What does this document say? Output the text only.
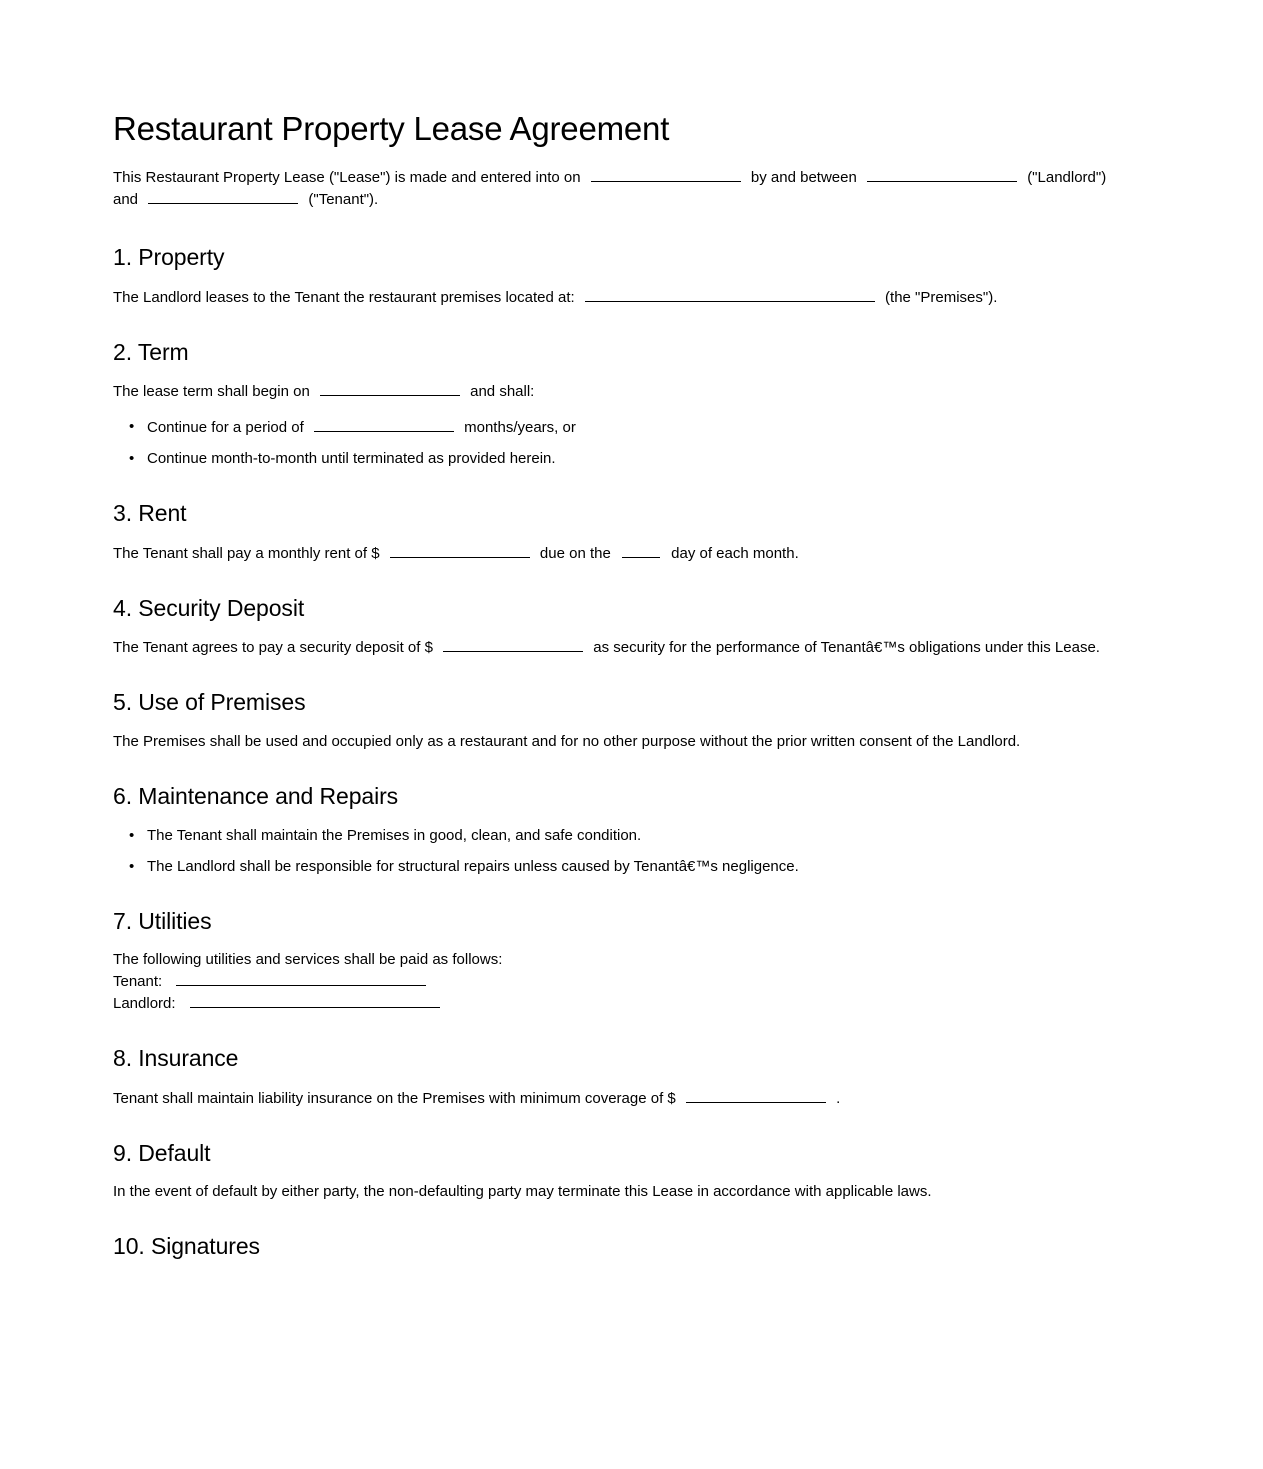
Restaurant Property Lease Agreement

This Restaurant Property Lease ("Lease") is made and entered into on	by and between	("Landlord") and	("Tenant").

1. Property

The Landlord leases to the Tenant the restaurant premises located at:	(the "Premises").

2. Term

The lease term shall begin on	and shall:

• Continue for a period of	months/years, or
• Continue month-to-month until terminated as provided herein.
3. Rent

The Tenant shall pay a monthly rent of $	due on the	day of each month.

4. Security Deposit

The Tenant agrees to pay a security deposit of $	as security for the performance of Tenantâ€™s obligations under this Lease.

5. Use of Premises

The Premises shall be used and occupied only as a restaurant and for no other purpose without the prior written consent of the Landlord.

6. Maintenance and Repairs
• The Tenant shall maintain the Premises in good, clean, and safe condition.
• The Landlord shall be responsible for structural repairs unless caused by Tenantâ€™s negligence.
7. Utilities

The following utilities and services shall be paid as follows:

Tenant:
Landlord:
8. Insurance

Tenant shall maintain liability insurance on the Premises with minimum coverage of $	.

9. Default

In the event of default by either party, the non-defaulting party may terminate this Lease in accordance with applicable laws.

10. Signatures
